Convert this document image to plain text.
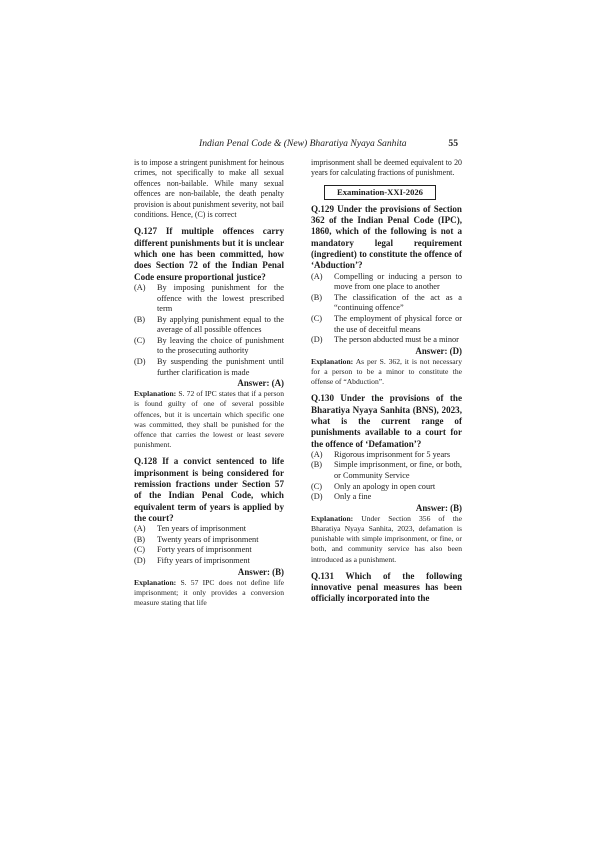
Indian Penal Code & (New) Bharatiya Nyaya Sanhita	55

is to impose a stringent punishment for heinous crimes, not specifically to make all sexual offences non-bailable. While many sexual offences are non-bailable, the death penalty provision is about punishment severity, not bail conditions. Hence, (C) is correct

Q.127 If multiple offences carry different punishments but it is unclear which one has been committed, how does Section 72 of the Indian Penal Code ensure proportional justice?

(A)	By imposing punishment for the offence with the lowest prescribed term
(B)	By applying punishment equal to the average of all possible offences
(C)	By leaving the choice of punishment to the prosecuting authority
(D)	By suspending the punishment until further clarification is made

Answer: (A)

Explanation: S. 72 of IPC states that if a person is found guilty of one of several possible offences, but it is uncertain which specific one was committed, they shall be punished for the offence that carries the lowest or least severe punishment.

Q.128 If a convict sentenced to life imprisonment is being considered for remission fractions under Section 57 of the Indian Penal Code, which equivalent term of years is applied by the court?

(A)	Ten years of imprisonment
(B)	Twenty years of imprisonment
(C)	Forty years of imprisonment
(D)	Fifty years of imprisonment

Answer: (B)

Explanation: S. 57 IPC does not define life imprisonment; it only provides a conversion measure stating that life

imprisonment shall be deemed equivalent to 20 years for calculating fractions of punishment.

Examination-XXI-2026

Q.129 Under the provisions of Section 362 of the Indian Penal Code (IPC), 1860, which of the following is not a mandatory legal requirement (ingredient) to constitute the offence of ‘Abduction’?

(A)	Compelling or inducing a person to move from one place to another
(B)	The classification of the act as a “continuing offence”
(C)	The employment of physical force or the use of deceitful means
(D)	The person abducted must be a minor

Answer: (D)

Explanation: As per S. 362, it is not necessary for a person to be a minor to constitute the offense of “Abduction”.

Q.130 Under the provisions of the Bharatiya Nyaya Sanhita (BNS), 2023, what is the current range of punishments available to a court for the offence of ‘Defamation’?

(A)	Rigorous imprisonment for 5 years
(B)	Simple imprisonment, or fine, or both, or Community Service
(C)	Only an apology in open court
(D)	Only a fine

Answer: (B)

Explanation: Under Section 356 of the Bharatiya Nyaya Sanhita, 2023, defamation is punishable with simple imprisonment, or fine, or both, and community service has also been introduced as a punishment.

Q.131 Which of the following innovative penal measures has been officially incorporated into the
